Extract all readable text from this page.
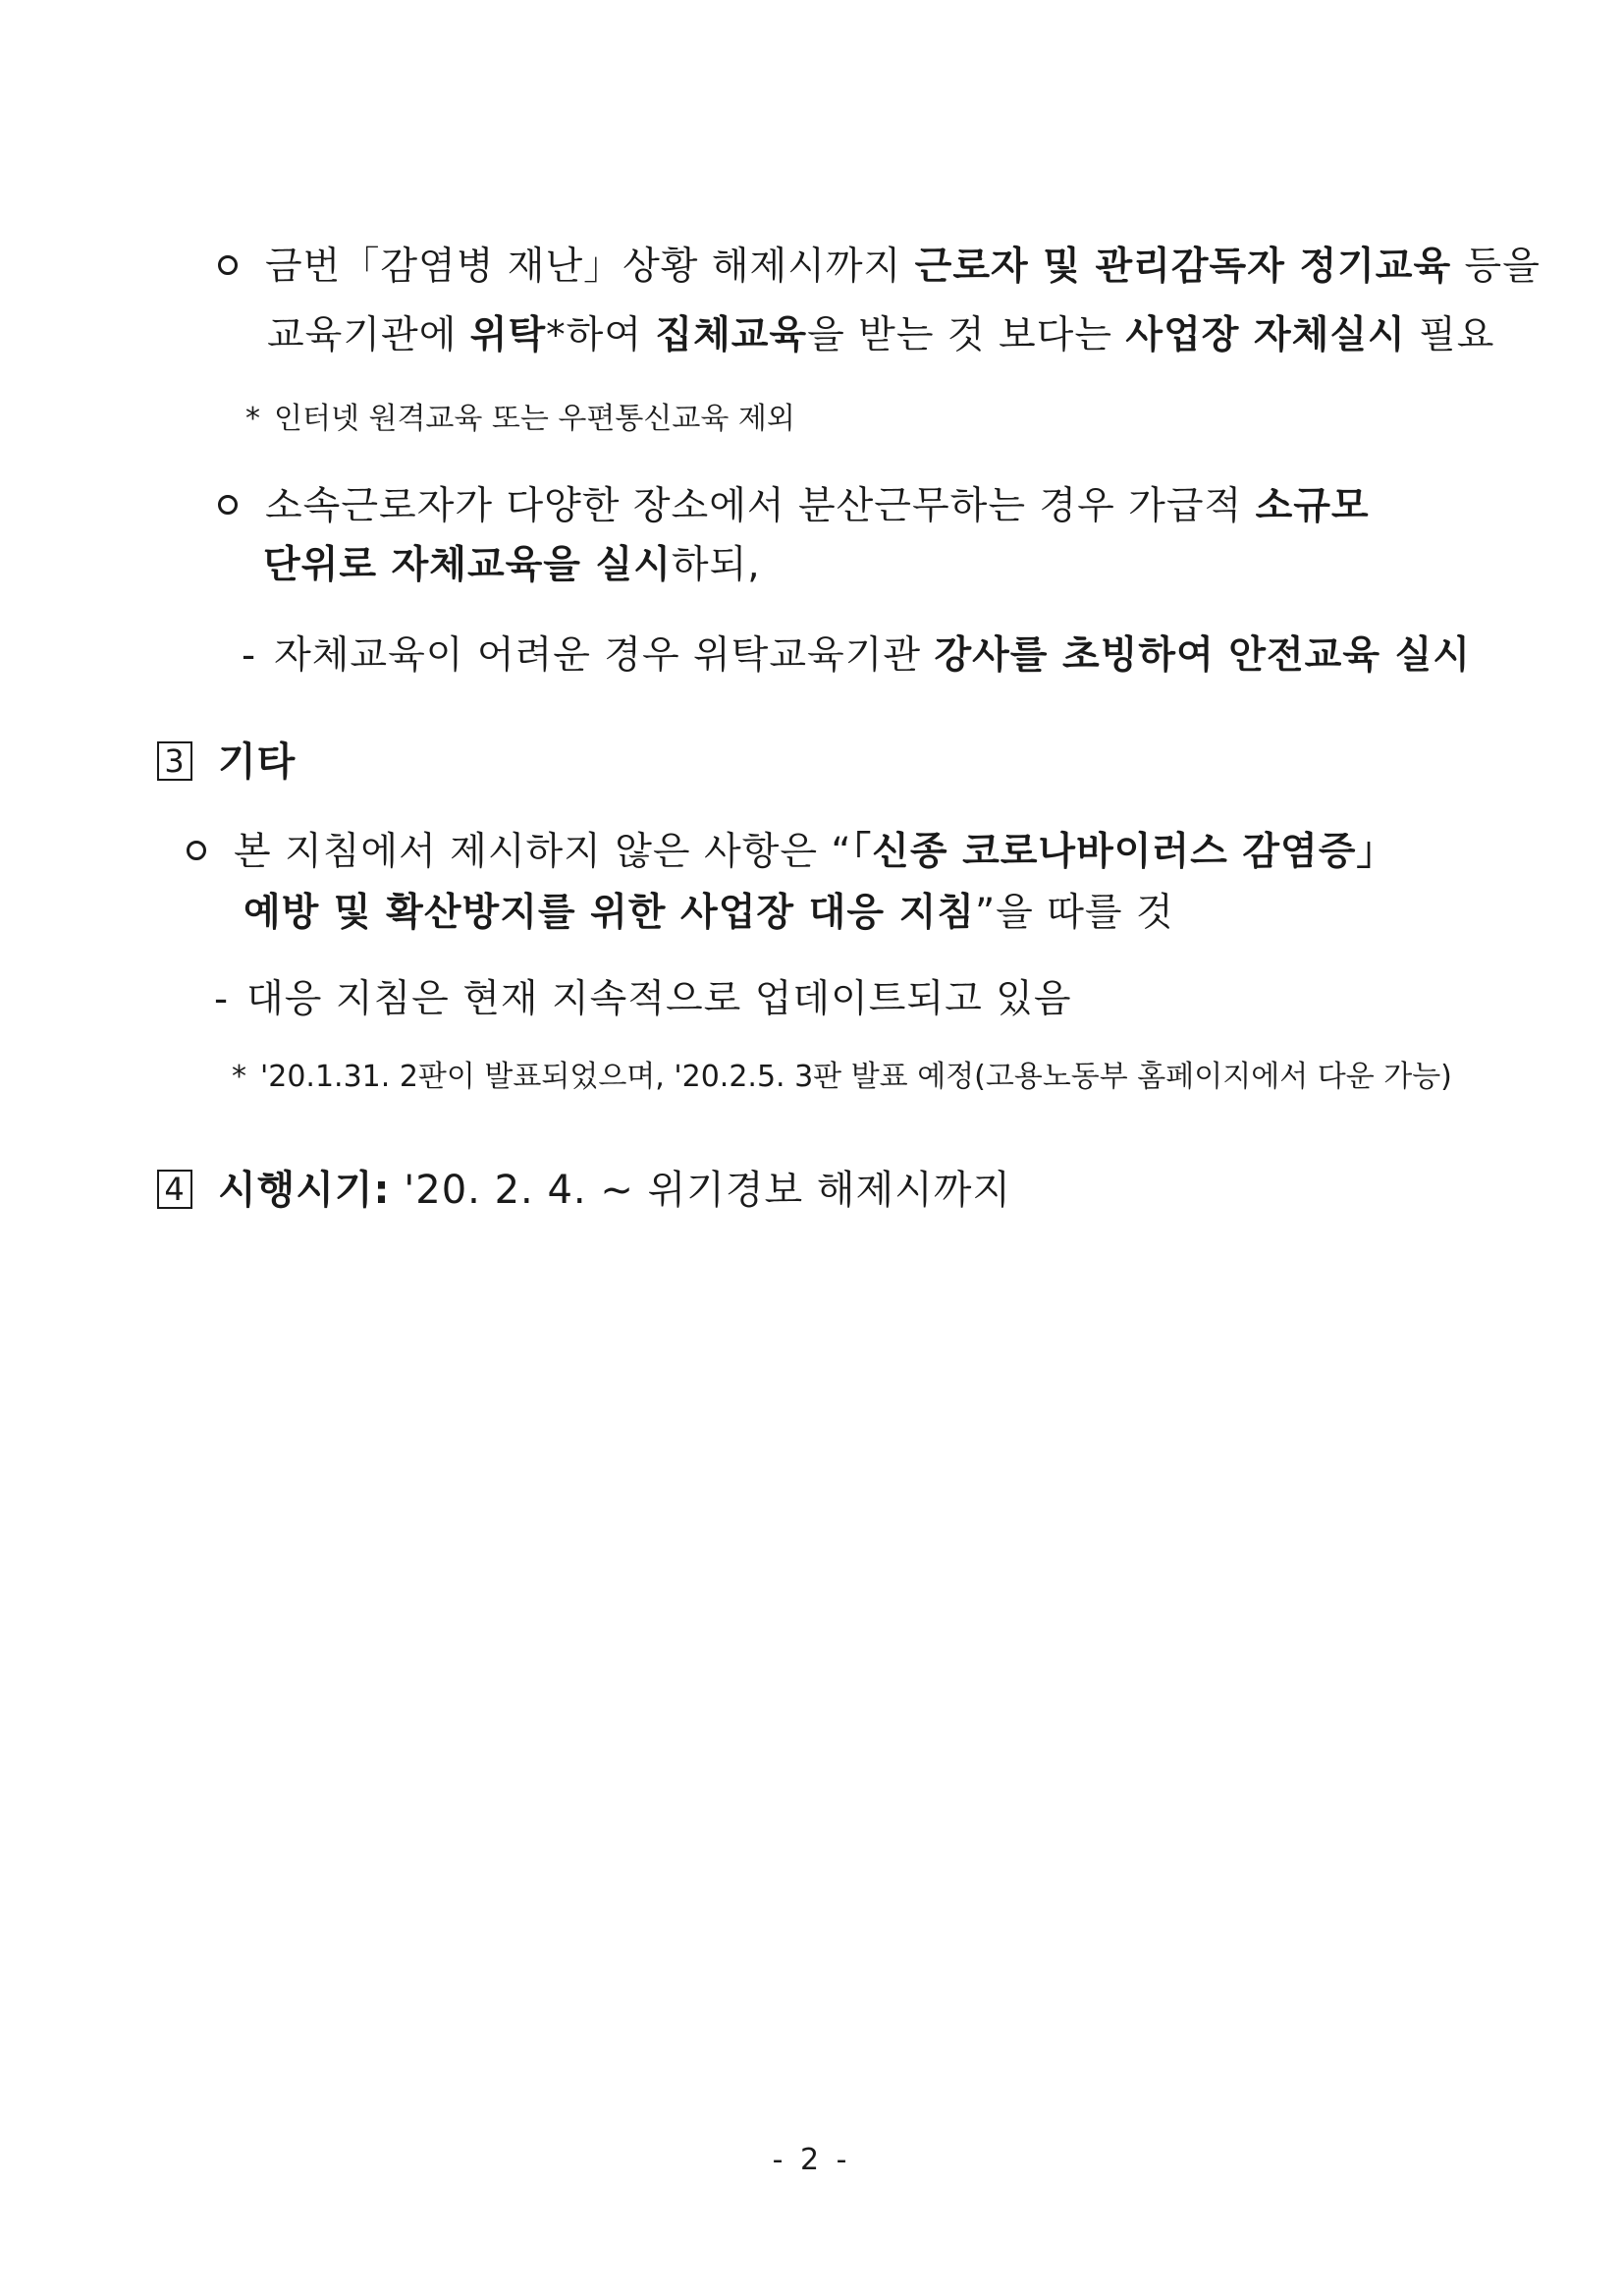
금번「감염병 재난」상황 해제시까지 근로자 및 관리감독자 정기교육 등을
교육기관에 위탁*하여 집체교육을 받는 것 보다는 사업장 자체실시 필요
* 인터넷 원격교육 또는 우편통신교육 제외
소속근로자가 다양한 장소에서 분산근무하는 경우 가급적 소규모
단위로 자체교육을 실시하되,
- 자체교육이 어려운 경우 위탁교육기관 강사를 초빙하여 안전교육 실시
3 기타
본 지침에서 제시하지 않은 사항은 “「신종 코로나바이러스 감염증」
예방 및 확산방지를 위한 사업장 대응 지침”을 따를 것
- 대응 지침은 현재 지속적으로 업데이트되고 있음
* '20.1.31. 2판이 발표되었으며, '20.2.5. 3판 발표 예정(고용노동부 홈페이지에서 다운 가능)
4 시행시기: '20. 2. 4. ~ 위기경보 해제시까지
- 2 -
